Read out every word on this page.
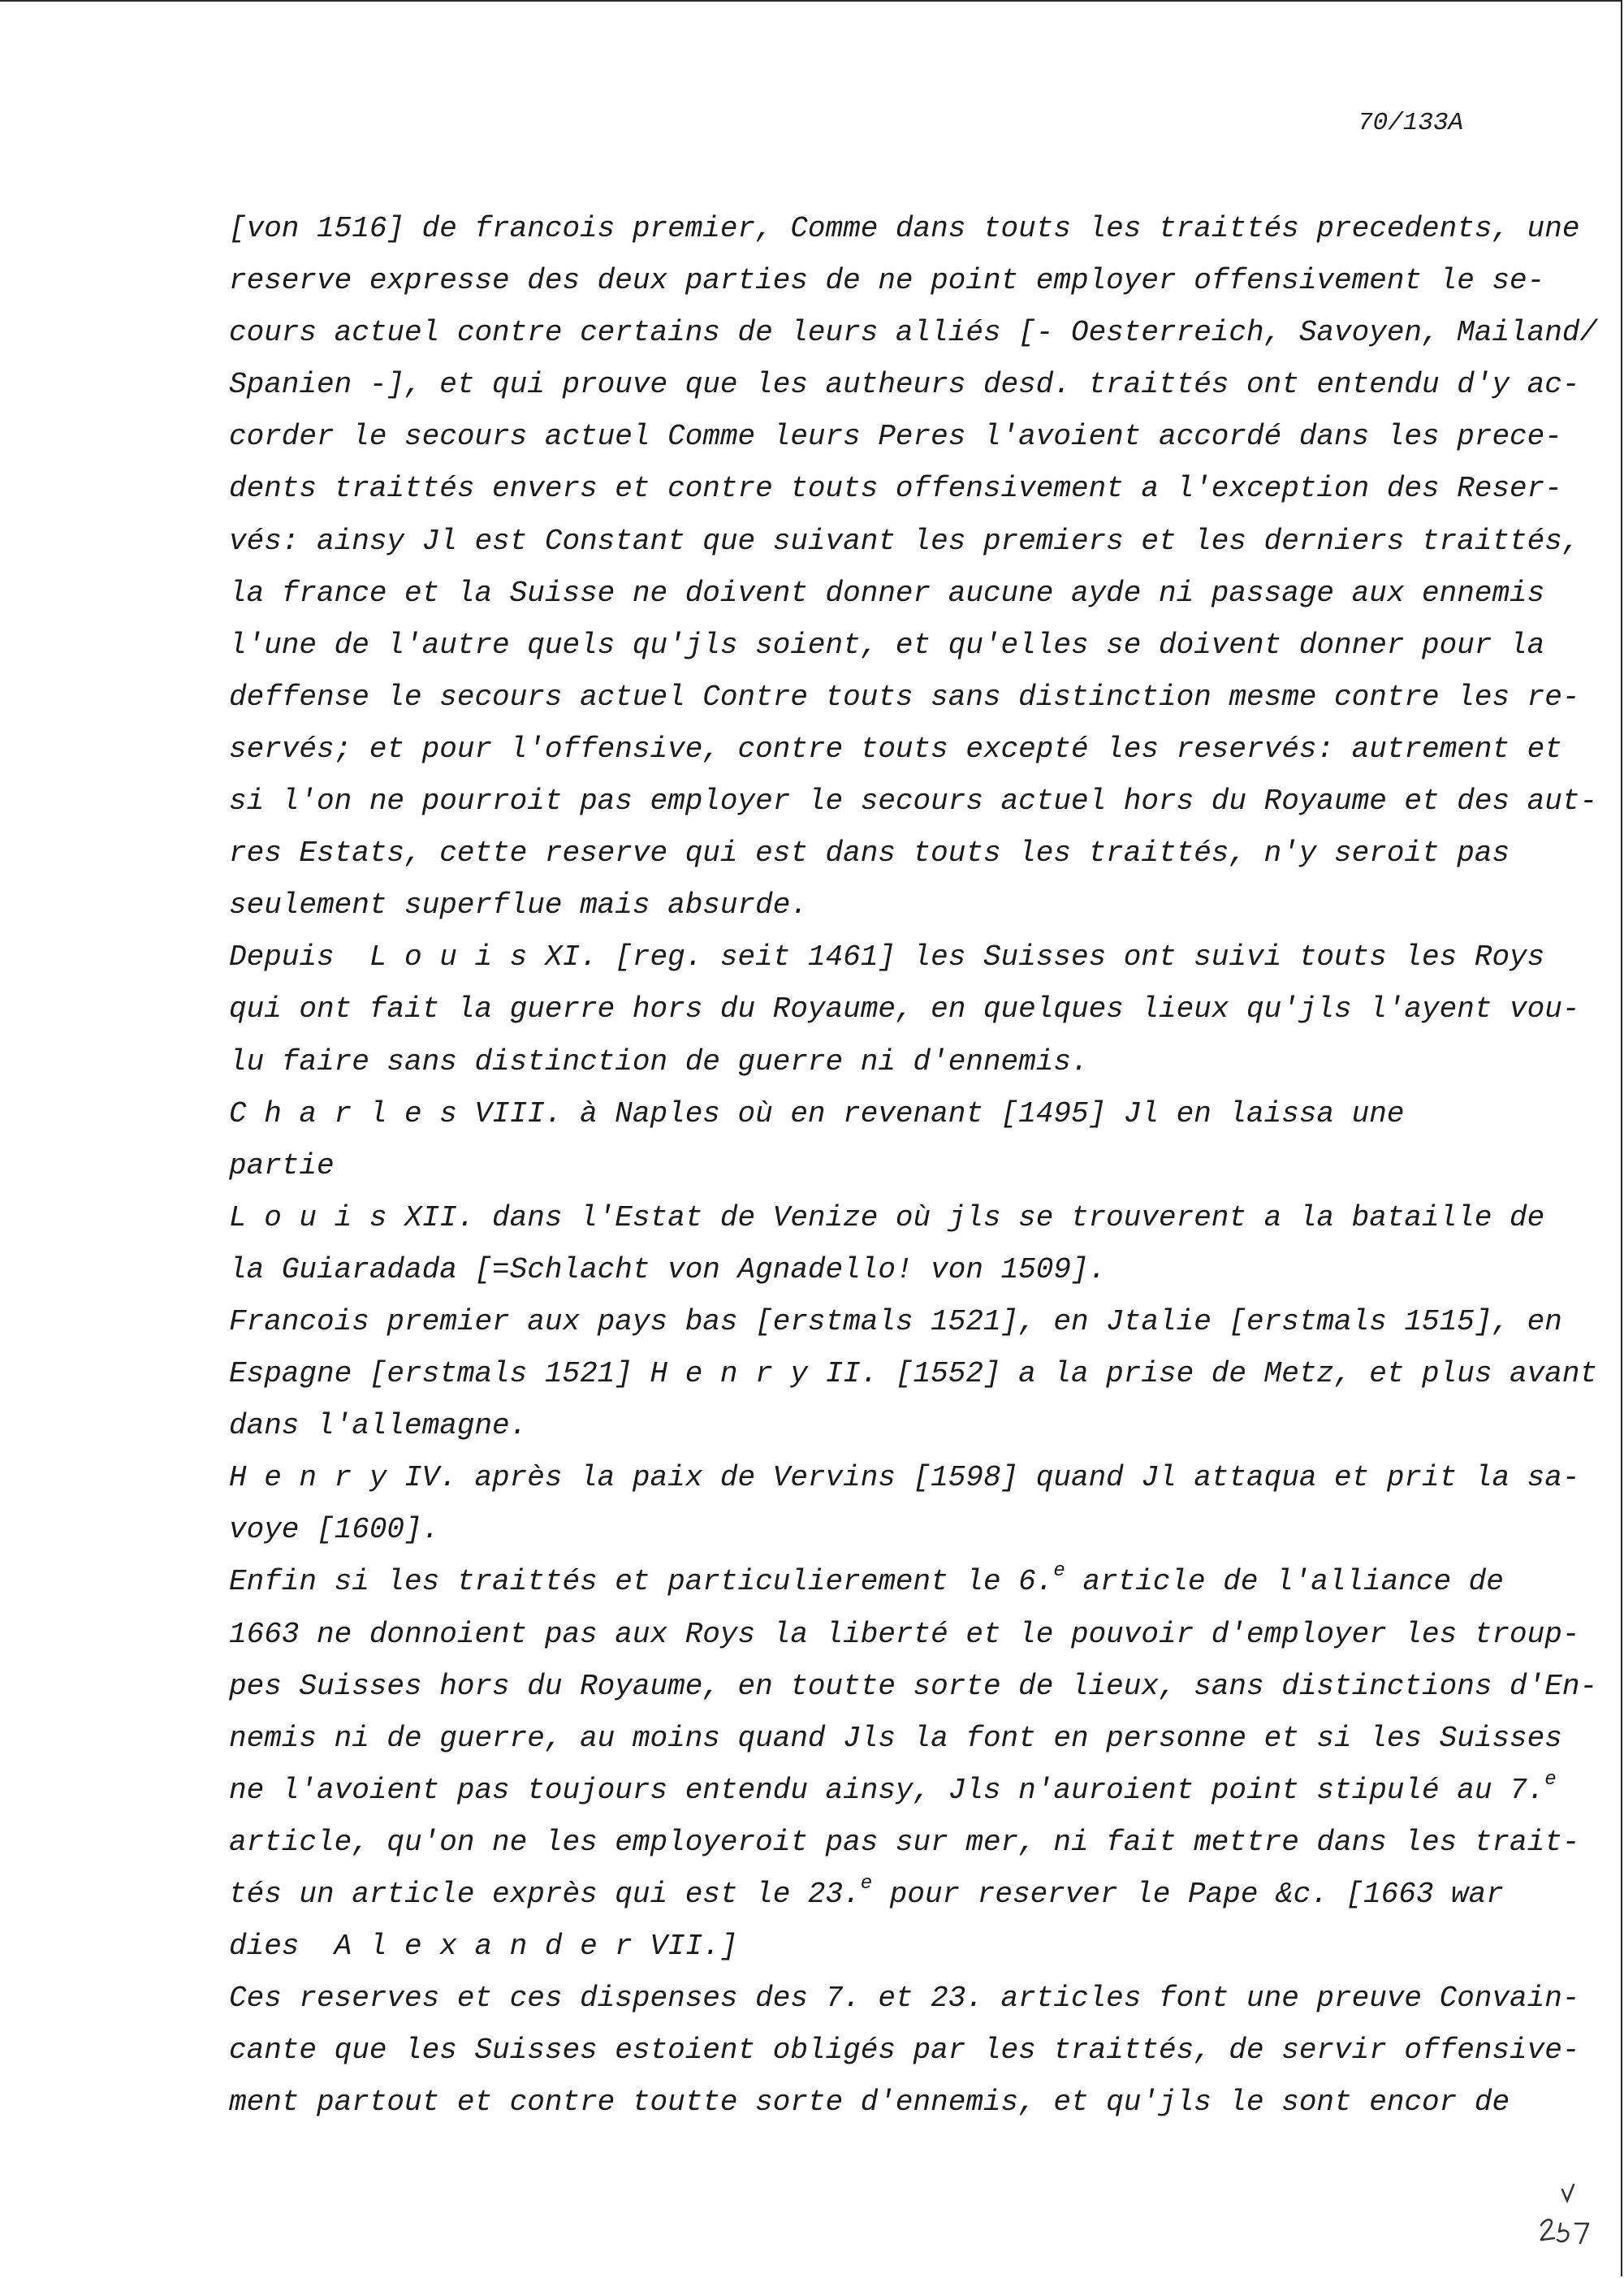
70/133A
[von 1516] de francois premier, Comme dans touts les traittés precedents, une
reserve expresse des deux parties de ne point employer offensivement le se-
cours actuel contre certains de leurs alliés [- Oesterreich, Savoyen, Mailand/
Spanien -], et qui prouve que les autheurs desd. traittés ont entendu d'y ac-
corder le secours actuel Comme leurs Peres l'avoient accordé dans les prece-
dents traittés envers et contre touts offensivement a l'exception des Reser-
vés: ainsy Jl est Constant que suivant les premiers et les derniers traittés,
la france et la Suisse ne doivent donner aucune ayde ni passage aux ennemis
l'une de l'autre quels qu'jls soient, et qu'elles se doivent donner pour la
deffense le secours actuel Contre touts sans distinction mesme contre les re-
servés; et pour l'offensive, contre touts excepté les reservés: autrement et
si l'on ne pourroit pas employer le secours actuel hors du Royaume et des aut-
res Estats, cette reserve qui est dans touts les traittés, n'y seroit pas
seulement superflue mais absurde.
Depuis  L o u i s XI. [reg. seit 1461] les Suisses ont suivi touts les Roys
qui ont fait la guerre hors du Royaume, en quelques lieux qu'jls l'ayent vou-
lu faire sans distinction de guerre ni d'ennemis.
C h a r l e s VIII. à Naples où en revenant [1495] Jl en laissa une
partie
L o u i s XII. dans l'Estat de Venize où jls se trouverent a la bataille de
la Guiaradada [=Schlacht von Agnadello! von 1509].
Francois premier aux pays bas [erstmals 1521], en Jtalie [erstmals 1515], en
Espagne [erstmals 1521] H e n r y II. [1552] a la prise de Metz, et plus avant
dans l'allemagne.
H e n r y IV. après la paix de Vervins [1598] quand Jl attaqua et prit la sa-
voye [1600].
Enfin si les traittés et particulierement le 6.$^e$ article de l'alliance de
1663 ne donnoient pas aux Roys la liberté et le pouvoir d'employer les troup-
pes Suisses hors du Royaume, en toutte sorte de lieux, sans distinctions d'En-
nemis ni de guerre, au moins quand Jls la font en personne et si les Suisses
ne l'avoient pas toujours entendu ainsy, Jls n'auroient point stipulé au 7.$^e$
article, qu'on ne les employeroit pas sur mer, ni fait mettre dans les trait-
tés un article exprès qui est le 23.$^e$ pour reserver le Pape &c. [1663 war
dies  A l e x a n d e r VII.]
Ces reserves et ces dispenses des 7. et 23. articles font une preuve Convain-
cante que les Suisses estoient obligés par les traittés, de servir offensive-
ment partout et contre toutte sorte d'ennemis, et qu'jls le sont encor de
